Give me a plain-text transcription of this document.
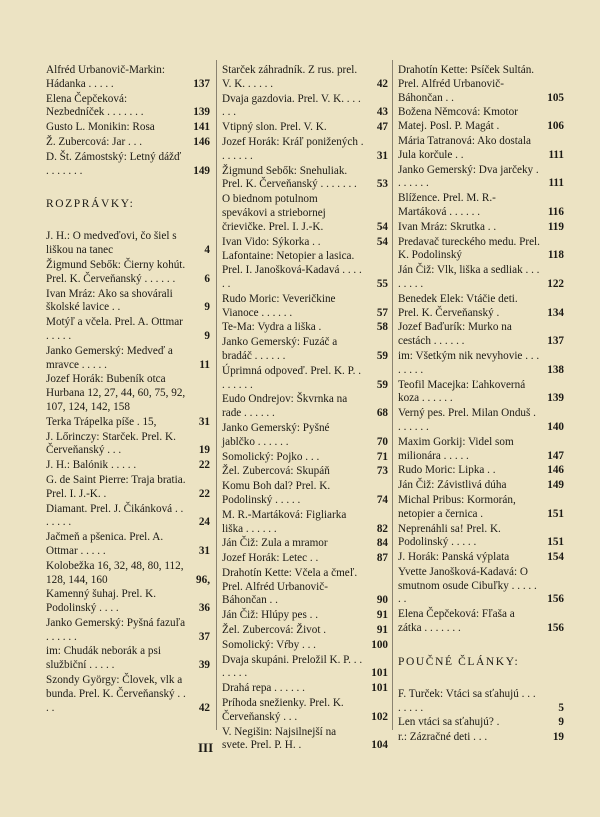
Alfréd Urbanovič-Markin: Hádanka . . . . .	137
Elena Čepčeková: Nezbedníček . . . . . . .	139
Gusto L. Monikin: Rosa	141
Ž. Zubercová: Jar . . .	146
D. Št. Zámostský: Letný dážď . . . . . . .	149
ROZPRÁVKY:
J. H.: O medveďovi, čo šiel s liškou na tanec	4
Žigmund Sebők: Čierny kohút. Prel. K. Červeňanský . . . . . .	6
Ivan Mráz: Ako sa shovárali školské lavice . .	9
Motýľ a včela. Prel. A. Ottmar . . . . .	9
Janko Gemerský: Medveď a mravce . . . . .	11
Jozef Horák: Bubeník otca Hurbana 12, 27, 44, 60, 75, 92, 107, 124, 142, 158
Terka Trápelka píše . 15,	31
J. Lőrinczy: Starček. Prel. K. Červeňanský . . .	19
J. H.: Balónik . . . . .	22
G. de Saint Pierre: Traja bratia. Prel. I. J.-K. .	22
Diamant. Prel. J. Čikánková . . . . . . .	24
Jačmeň a pšenica. Prel. A. Ottmar . . . . .	31
Kolobežka 16, 32, 48, 80, 112, 128, 144, 160	96,
Kamenný šuhaj. Prel. K. Podolinský . . . .	36
Janko Gemerský: Pyšná fazuľa . . . . . .	37
im: Chudák neborák a psi službiční . . . . .	39
Szondy György: Človek, vlk a bunda. Prel. K. Červeňanský . . . .	42
Starček záhradník. Z rus. prel. V. K. . . . . .	42
Dvaja gazdovia. Prel. V. K. . . . . . .	43
Vtipný slon. Prel. V. K.	47
Jozef Horák: Kráľ ponižených . . . . . . .	31
Žigmund Sebők: Snehuliak. Prel. K. Červeňanský . . . . . . .	53
O biednom potulnom spevákovi a striebornej črievičke. Prel. I. J.-K.	54
Ivan Vido: Sýkorka . .	54
Lafontaine: Netopier a lasica. Prel. I. Janošková-Kadavá . . . . . .	55
Rudo Moric: Veveričkine Vianoce . . . . . .	57
Te-Ma: Vydra a liška .	58
Janko Gemerský: Fuzáč a bradáč . . . . . .	59
Úprimná odpoveď. Prel. K. P. . . . . . . .	59
Eudo Ondrejov: Škvrnka na rade . . . . . .	68
Janko Gemerský: Pyšné jablčko . . . . . .	70
Somolický: Pojko . . .	71
Žel. Zubercová: Skupáň	73
Komu Boh dal? Prel. K. Podolinský . . . . .	74
M. R.-Martáková: Figliarka liška . . . . . .	82
Ján Čiž: Zula a mramor	84
Jozef Horák: Letec . .	87
Drahotín Kette: Včela a čmeľ. Prel. Alfréd Urbanovič-Báhončan . .	90
Ján Čiž: Hlúpy pes . .	91
Žel. Zubercová: Život .	91
Somolický: Vŕby . . .	100
Dvaja skupáni. Preložil K. P. . . . . . . .	101
Drahá repa . . . . . .	101
Príhoda snežienky. Prel. K. Červeňanský . . .	102
V. Negišin: Najsilnejší na svete. Prel. P. H. .	104
Drahotín Kette: Psíček Sultán. Prel. Alfréd Urbanovič-Báhončan . .	105
Božena Němcová: Kmotor Matej. Posl. P. Magát .	106
Mária Tatranová: Ako dostala Jula korčule . .	111
Janko Gemerský: Dva jarčeky . . . . . . .	111
Blížence. Prel. M. R.-Martáková . . . . . .	116
Ivan Mráz: Skrutka . .	119
Predavač tureckého medu. Prel. K. Podolinský	118
Ján Čiž: Vlk, liška a sedliak . . . . . . . .	122
Benedek Elek: Vtáčie deti. Prel. K. Červeňanský .	134
Jozef Baďurík: Murko na cestách . . . . . .	137
im: Všetkým nik nevyhovie . . . . . . . .	138
Teofil Macejka: Ľahkoverná koza . . . . . .	139
Verný pes. Prel. Milan Onduš . . . . . . .	140
Maxim Gorkij: Videl som milionára . . . . .	147
Rudo Moric: Lipka . .	146
Ján Čiž: Závistlivá dúha	149
Michal Pribus: Kormorán, netopier a černica .	151
Neprenáhli sa! Prel. K. Podolinský . . . . .	151
J. Horák: Panská výplata	154
Yvette Janošková-Kadavá: O smutnom osude Cibuľky . . . . . . .	156
Elena Čepčeková: Fľaša a zátka . . . . . . .	156
POUČNÉ ČLÁNKY:
F. Turček: Vtáci sa sťahujú . . . . . . . .	5
Len vtáci sa sťahujú? .	9
r.: Zázračné deti . . .	19
III
